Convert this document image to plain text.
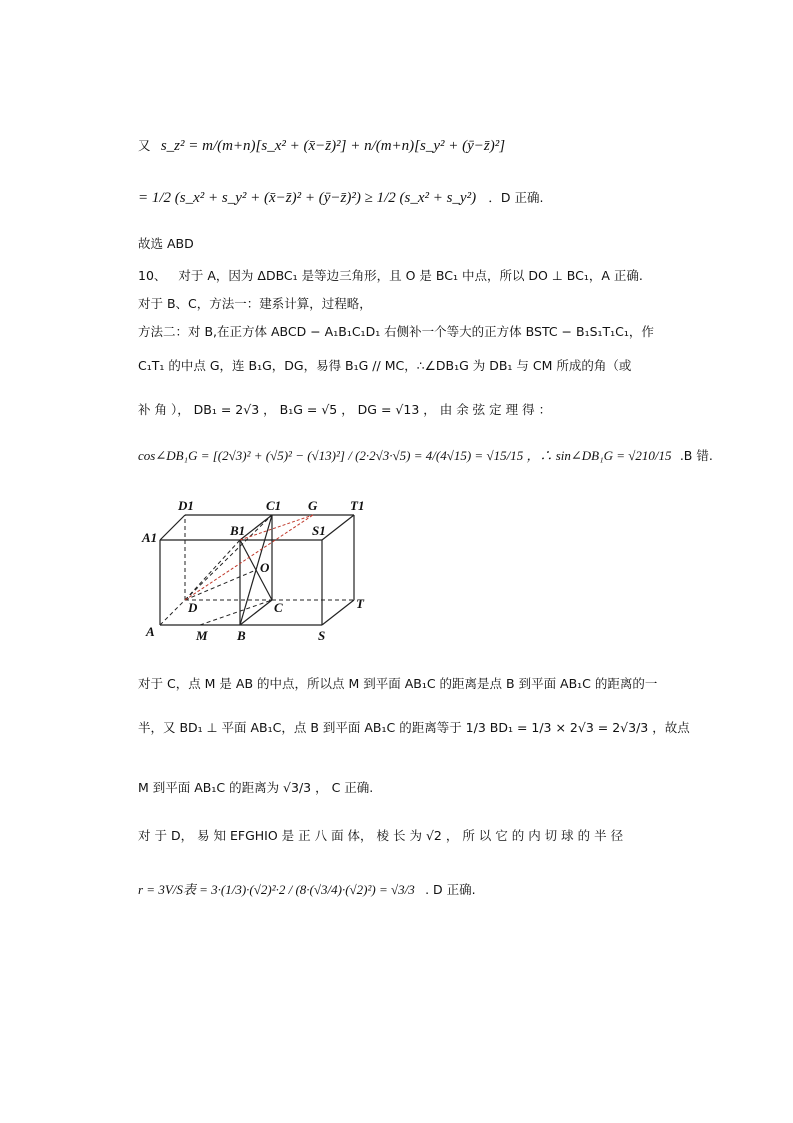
又 s_z² = m/(m+n)[s_x² + (x̄−z̄)²] + n/(m+n)[s_y² + (ȳ−z̄)²]
= 1/2 (s_x² + s_y² + (x̄−z̄)² + (ȳ−z̄)²) ≥ 1/2 (s_x² + s_y²) ．D 正确.
故选 ABD
10、 对于 A，因为 ΔDBC₁ 是等边三角形，且 O 是 BC₁ 中点，所以 DO ⊥ BC₁，A 正确.
对于 B、C，方法一：建系计算，过程略，
方法二：对 B,在正方体 ABCD − A₁B₁C₁D₁ 右侧补一个等大的正方体 BSTC − B₁S₁T₁C₁，作
C₁T₁ 的中点 G，连 B₁G，DG，易得 B₁G // MC，∴∠DB₁G 为 DB₁ 与 CM 所成的角（或
补 角 ）， DB₁ = 2√3 ， B₁G = √5 ， DG = √13 ， 由 余 弦 定 理 得 ：
cos∠DB₁G = [(2√3)² + (√5)² − (√13)²] / (2·2√3·√5) = 4/(4√15) = √15/15 ，∴ sin∠DB₁G = √210/15 .B 错.
D1	C1 G	T1
A1	B1	S1
O
D	C	T
A	M B	S
对于 C，点 M 是 AB 的中点，所以点 M 到平面 AB₁C 的距离是点 B 到平面 AB₁C 的距离的一
半，又 BD₁ ⊥ 平面 AB₁C，点 B 到平面 AB₁C 的距离等于 1/3 BD₁ = 1/3 × 2√3 = 2√3/3 ，故点
M 到平面 AB₁C 的距离为 √3/3 ， C 正确.
对 于 D， 易 知 EFGHIO 是 正 八 面 体， 棱 长 为 √2 ， 所 以 它 的 内 切 球 的 半 径
r = 3V/S表 = 3·(1/3)·(√2)²·2 / (8·(√3/4)·(√2)²) = √3/3 . D 正确.
